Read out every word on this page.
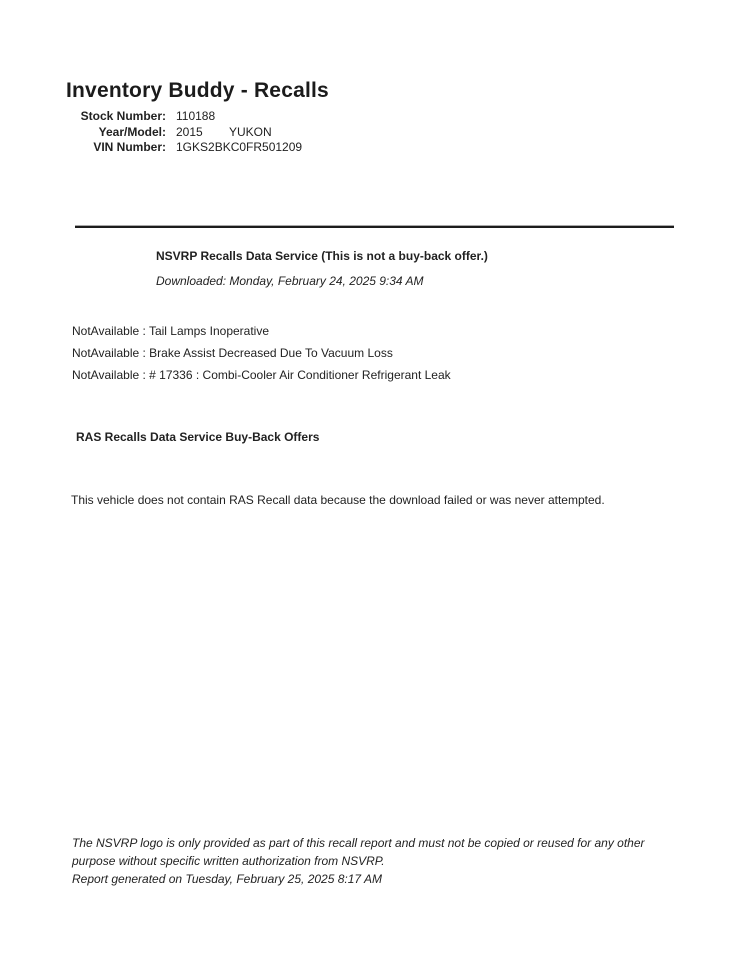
Inventory Buddy - Recalls
Stock Number: 110188
Year/Model: 2015	YUKON
VIN Number: 1GKS2BKC0FR501209
NSVRP Recalls Data Service (This is not a buy-back offer.)
Downloaded: Monday, February 24, 2025 9:34 AM
NotAvailable : Tail Lamps Inoperative
NotAvailable : Brake Assist Decreased Due To Vacuum Loss
NotAvailable : # 17336 : Combi-Cooler Air Conditioner Refrigerant Leak
RAS Recalls Data Service Buy-Back Offers
This vehicle does not contain RAS Recall data because the download failed or was never attempted.
The NSVRP logo is only provided as part of this recall report and must not be copied or reused for any other
purpose without specific written authorization from NSVRP.
Report generated on Tuesday, February 25, 2025 8:17 AM
